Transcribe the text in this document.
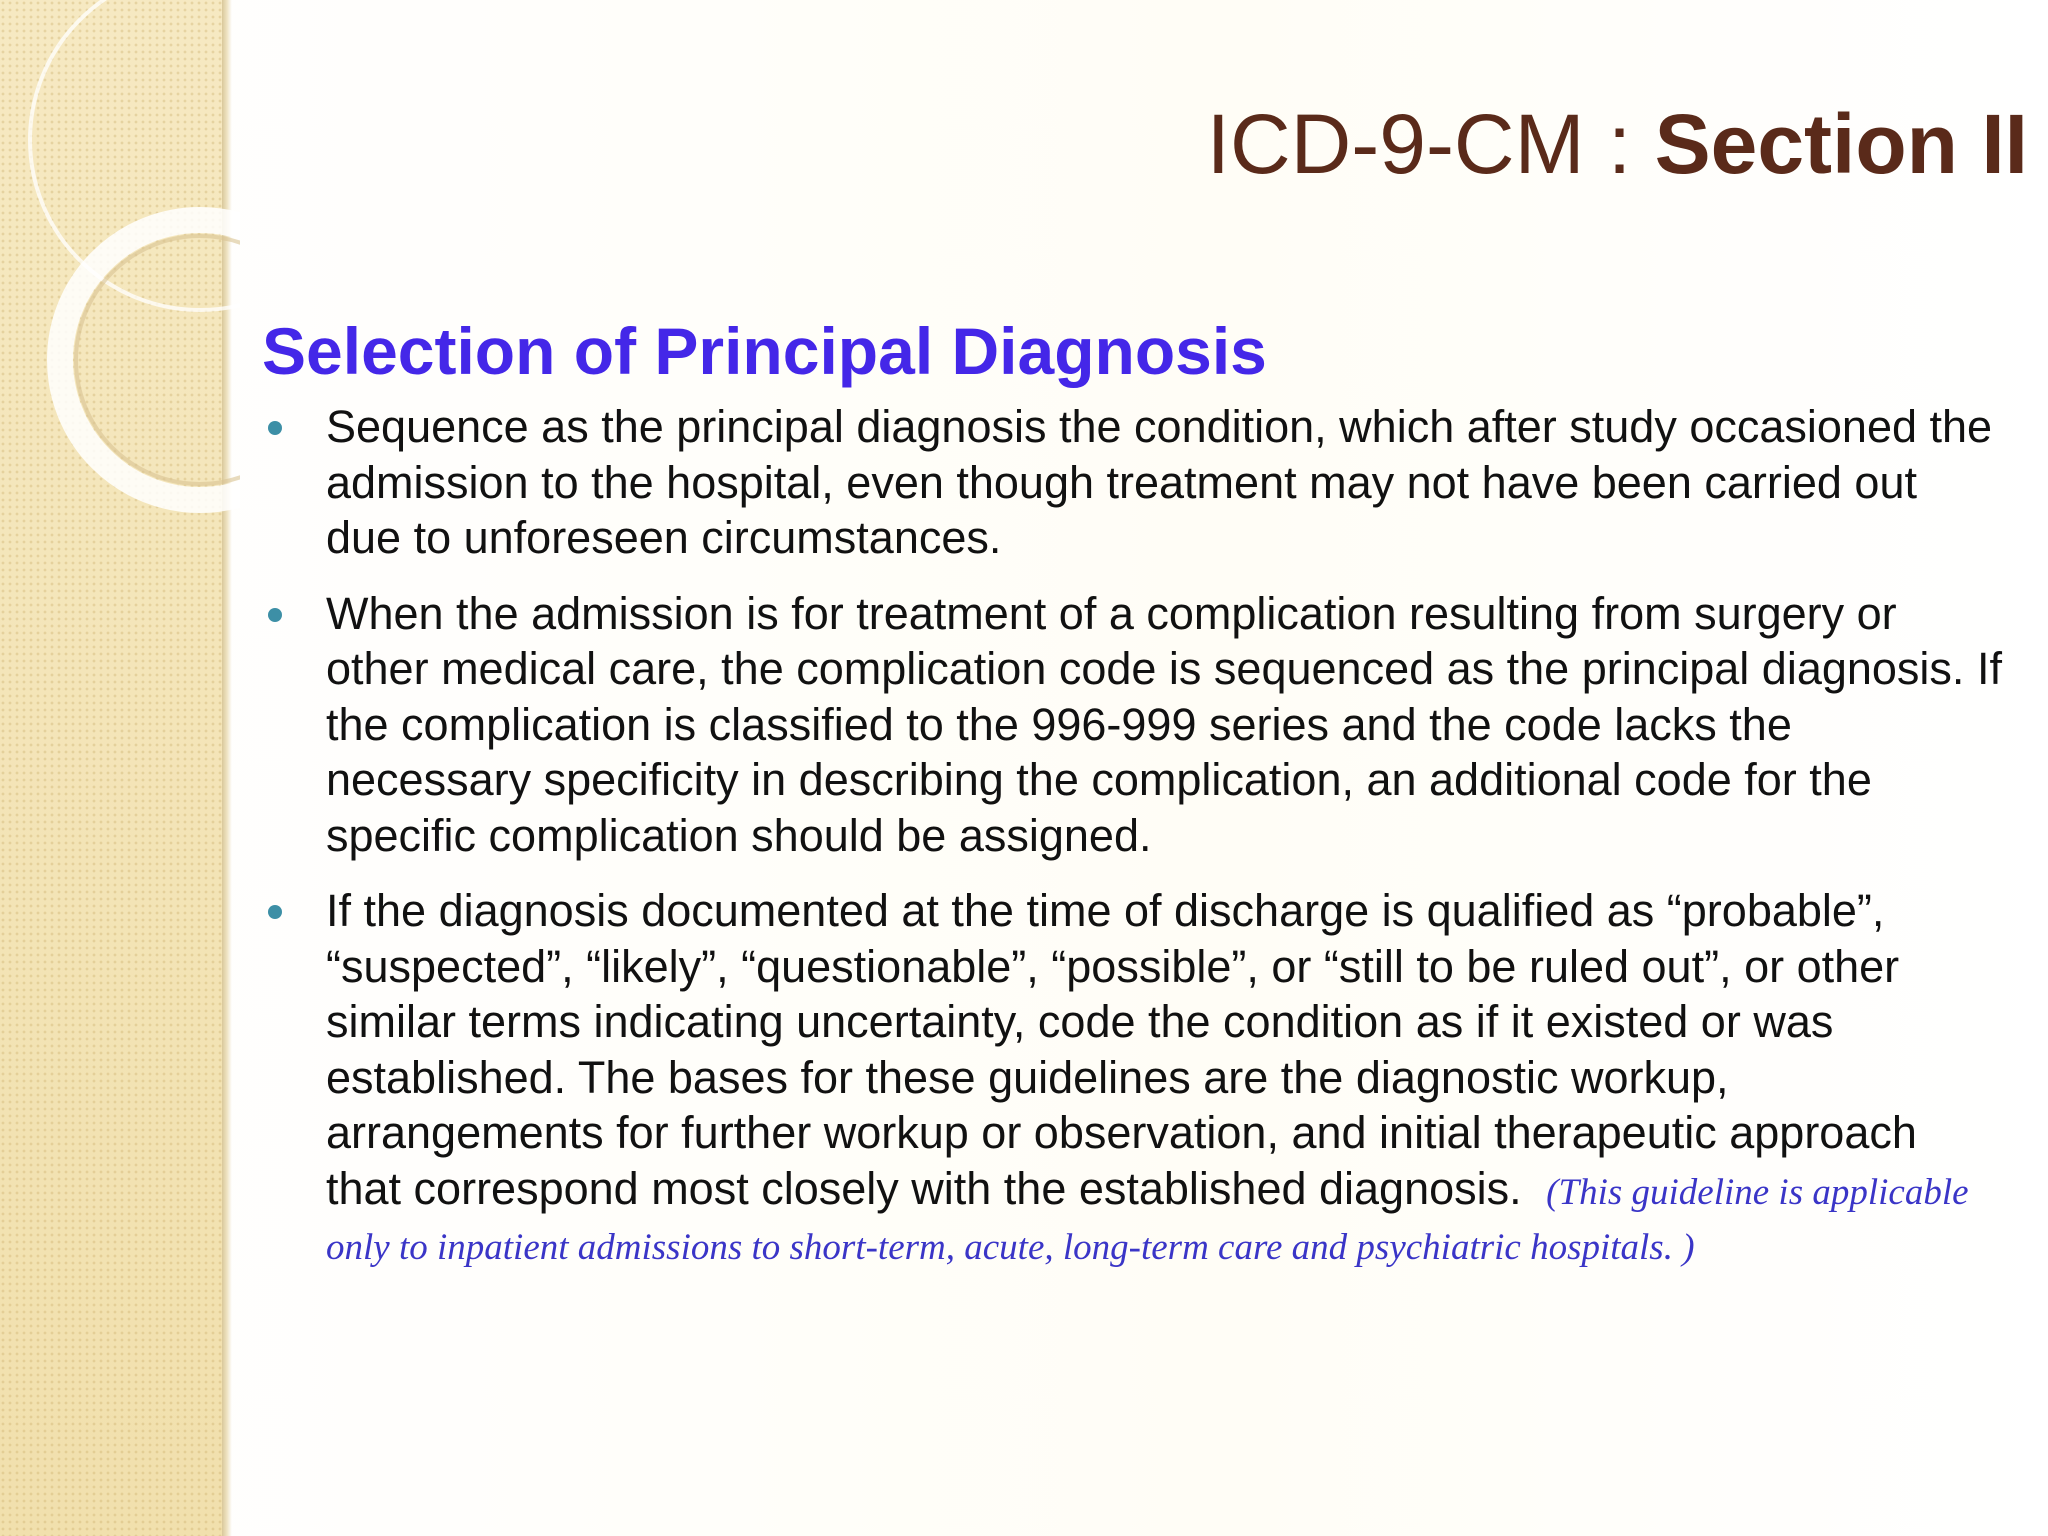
ICD-9-CM : Section II
Selection of Principal Diagnosis
Sequence as the principal diagnosis the condition, which after study occasioned the admission to the hospital, even though treatment may not have been carried out due to unforeseen circumstances.
When the admission is for treatment of a complication resulting from surgery or other medical care, the complication code is sequenced as the principal diagnosis. If the complication is classified to the 996-999 series and the code lacks the necessary specificity in describing the complication, an additional code for the specific complication should be assigned.
If the diagnosis documented at the time of discharge is qualified as “probable”, “suspected”, “likely”, “questionable”, “possible”, or “still to be ruled out”, or other similar terms indicating uncertainty, code the condition as if it existed or was established. The bases for these guidelines are the diagnostic workup, arrangements for further workup or observation, and initial therapeutic approach that correspond most closely with the established diagnosis. (This guideline is applicable only to inpatient admissions to short-term, acute, long-term care and psychiatric hospitals. )
